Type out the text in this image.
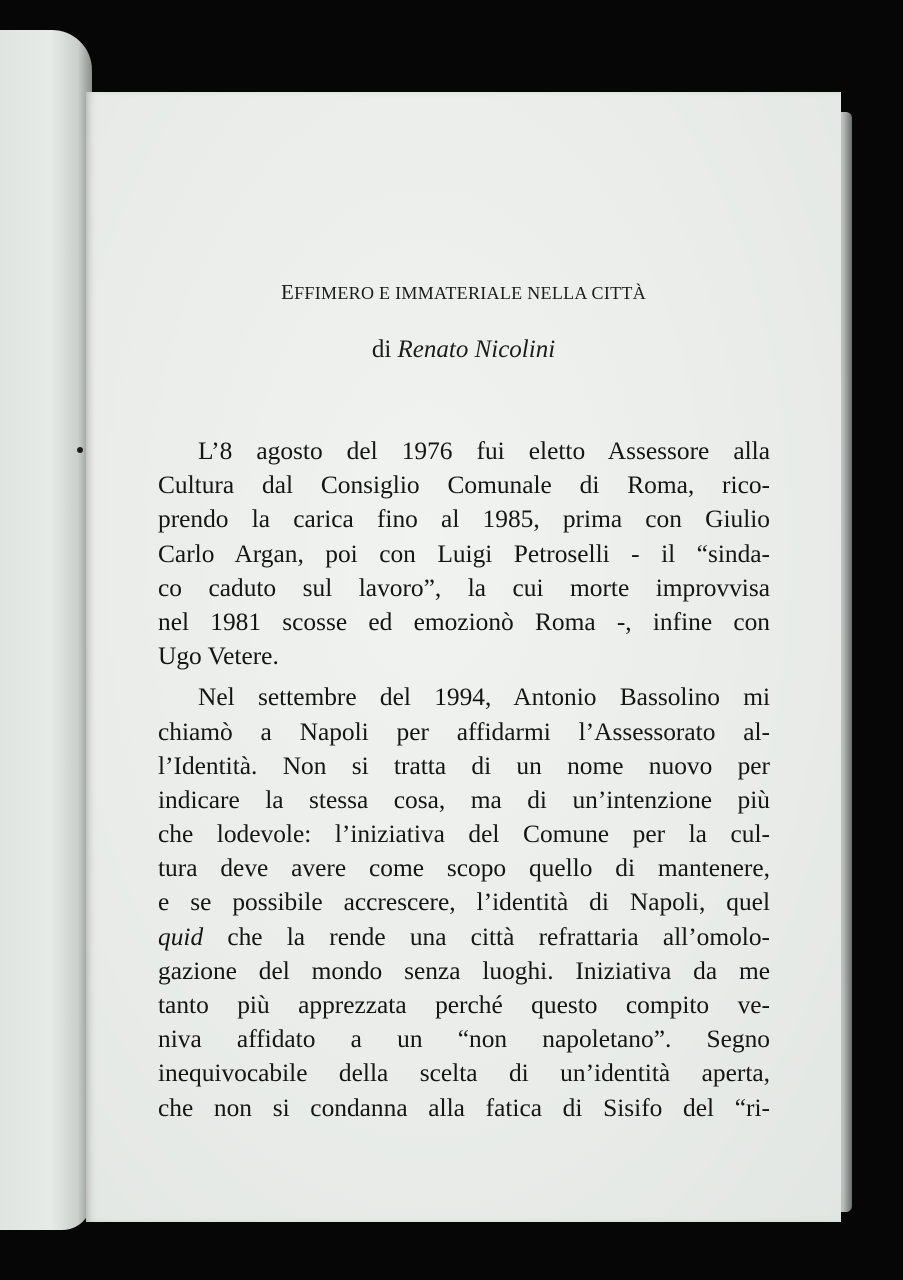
EFFIMERO E IMMATERIALE NELLA CITTÀ

di Renato Nicolini

L’8 agosto del 1976 fui eletto Assessore alla
Cultura dal Consiglio Comunale di Roma, rico-
prendo la carica fino al 1985, prima con Giulio
Carlo Argan, poi con Luigi Petroselli - il “sinda-
co caduto sul lavoro”, la cui morte improvvisa
nel 1981 scosse ed emozionò Roma -, infine con
Ugo Vetere.
Nel settembre del 1994, Antonio Bassolino mi
chiamò a Napoli per affidarmi l’Assessorato al-
l’Identità. Non si tratta di un nome nuovo per
indicare la stessa cosa, ma di un’intenzione più
che lodevole: l’iniziativa del Comune per la cul-
tura deve avere come scopo quello di mantenere,
e se possibile accrescere, l’identità di Napoli, quel
quid che la rende una città refrattaria all’omolo-
gazione del mondo senza luoghi. Iniziativa da me
tanto più apprezzata perché questo compito ve-
niva affidato a un “non napoletano”. Segno
inequivocabile della scelta di un’identità aperta,
che non si condanna alla fatica di Sisifo del “ri-
